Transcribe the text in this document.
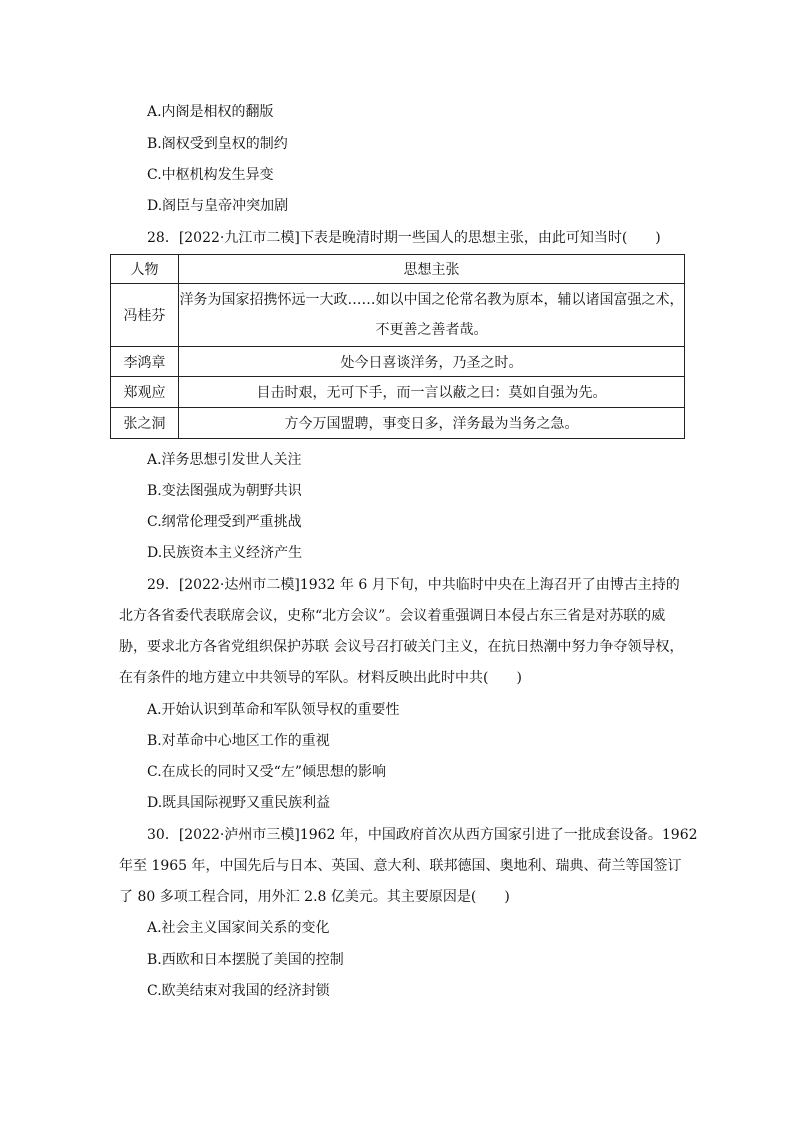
A.内阁是相权的翻版
B.阁权受到皇权的制约
C.中枢机构发生异变
D.阁臣与皇帝冲突加剧
28．[2022·九江市二模]下表是晚清时期一些国人的思想主张，由此可知当时(　　)
人物	思想主张
冯桂芬	洋务为国家招携怀远一大政……如以中国之伦常名教为原本，辅以诸国富强之术，
不更善之善者哉。

李鸿章	处今日喜谈洋务，乃圣之时。
郑观应	目击时艰，无可下手，而一言以蔽之曰：莫如自强为先。
张之洞	方今万国盟聘，事变日多，洋务最为当务之急。
A.洋务思想引发世人关注
B.变法图强成为朝野共识
C.纲常伦理受到严重挑战
D.民族资本主义经济产生
29．[2022·达州市二模]1932 年 6 月下旬，中共临时中央在上海召开了由博古主持的
北方各省委代表联席会议，史称“北方会议”。会议着重强调日本侵占东三省是对苏联的威
胁，要求北方各省党组织保护苏联 会议号召打破关门主义，在抗日热潮中努力争夺领导权，
在有条件的地方建立中共领导的军队。材料反映出此时中共(　　)
A.开始认识到革命和军队领导权的重要性
B.对革命中心地区工作的重视
C.在成长的同时又受“左”倾思想的影响
D.既具国际视野又重民族利益
30．[2022·泸州市三模]1962 年，中国政府首次从西方国家引进了一批成套设备。1962
年至 1965 年，中国先后与日本、英国、意大利、联邦德国、奥地利、瑞典、荷兰等国签订
了 80 多项工程合同，用外汇 2.8 亿美元。其主要原因是(　　)
A.社会主义国家间关系的变化
B.西欧和日本摆脱了美国的控制
C.欧美结束对我国的经济封锁
